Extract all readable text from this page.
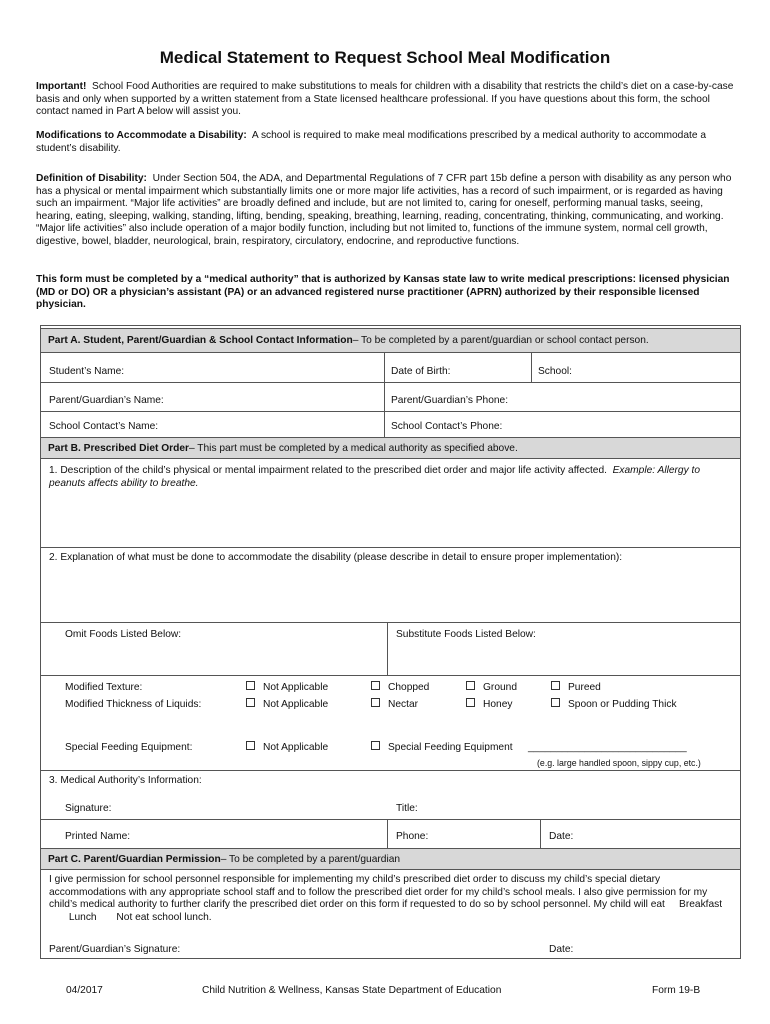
Medical Statement to Request School Meal Modification
Important! School Food Authorities are required to make substitutions to meals for children with a disability that restricts the child’s diet on a case-by-case basis and only when supported by a written statement from a State licensed healthcare professional. If you have questions about this form, the school contact named in Part A below will assist you.
Modifications to Accommodate a Disability: A school is required to make meal modifications prescribed by a medical authority to accommodate a student’s disability.
Definition of Disability: Under Section 504, the ADA, and Departmental Regulations of 7 CFR part 15b define a person with disability as any person who has a physical or mental impairment which substantially limits one or more major life activities, has a record of such impairment, or is regarded as having such an impairment. “Major life activities” are broadly defined and include, but are not limited to, caring for oneself, performing manual tasks, seeing, hearing, eating, sleeping, walking, standing, lifting, bending, speaking, breathing, learning, reading, concentrating, thinking, communicating, and working. “Major life activities” also include operation of a major bodily function, including but not limited to, functions of the immune system, normal cell growth, digestive, bowel, bladder, neurological, brain, respiratory, circulatory, endocrine, and reproductive functions.
This form must be completed by a “medical authority” that is authorized by Kansas state law to write medical prescriptions: licensed physician (MD or DO) OR a physician’s assistant (PA) or an advanced registered nurse practitioner (APRN) authorized by their responsible licensed physician.
Part A. Student, Parent/Guardian & School Contact Information – To be completed by a parent/guardian or school contact person.
Student’s Name:	Date of Birth:	School:
Parent/Guardian’s Name:	Parent/Guardian’s Phone:
School Contact’s Name:	School Contact’s Phone:
Part B. Prescribed Diet Order – This part must be completed by a medical authority as specified above.
1. Description of the child’s physical or mental impairment related to the prescribed diet order and major life activity affected. Example: Allergy to peanuts affects ability to breathe.
2. Explanation of what must be done to accommodate the disability (please describe in detail to ensure proper implementation):
Omit Foods Listed Below:	Substitute Foods Listed Below:
Modified Texture:	Not Applicable	Chopped	Ground	Pureed
Modified Thickness of Liquids:	Not Applicable	Nectar	Honey	Spoon or Pudding Thick
Special Feeding Equipment:	Not Applicable	Special Feeding Equipment ____________________________
(e.g. large handled spoon, sippy cup, etc.)
3. Medical Authority’s Information:
Signature:	Title:
Printed Name:	Phone:	Date:
Part C. Parent/Guardian Permission – To be completed by a parent/guardian
I give permission for school personnel responsible for implementing my child’s prescribed diet order to discuss my child’s special dietary accommodations with any appropriate school staff and to follow the prescribed diet order for my child’s school meals. I also give permission for my child’s medical authority to further clarify the prescribed diet order on this form if requested to do so by school personnel. My child will eat Breakfast        Lunch Not eat school lunch.
Parent/Guardian’s Signature:	Date:
04/2017	Child Nutrition & Wellness, Kansas State Department of Education	Form 19-B
